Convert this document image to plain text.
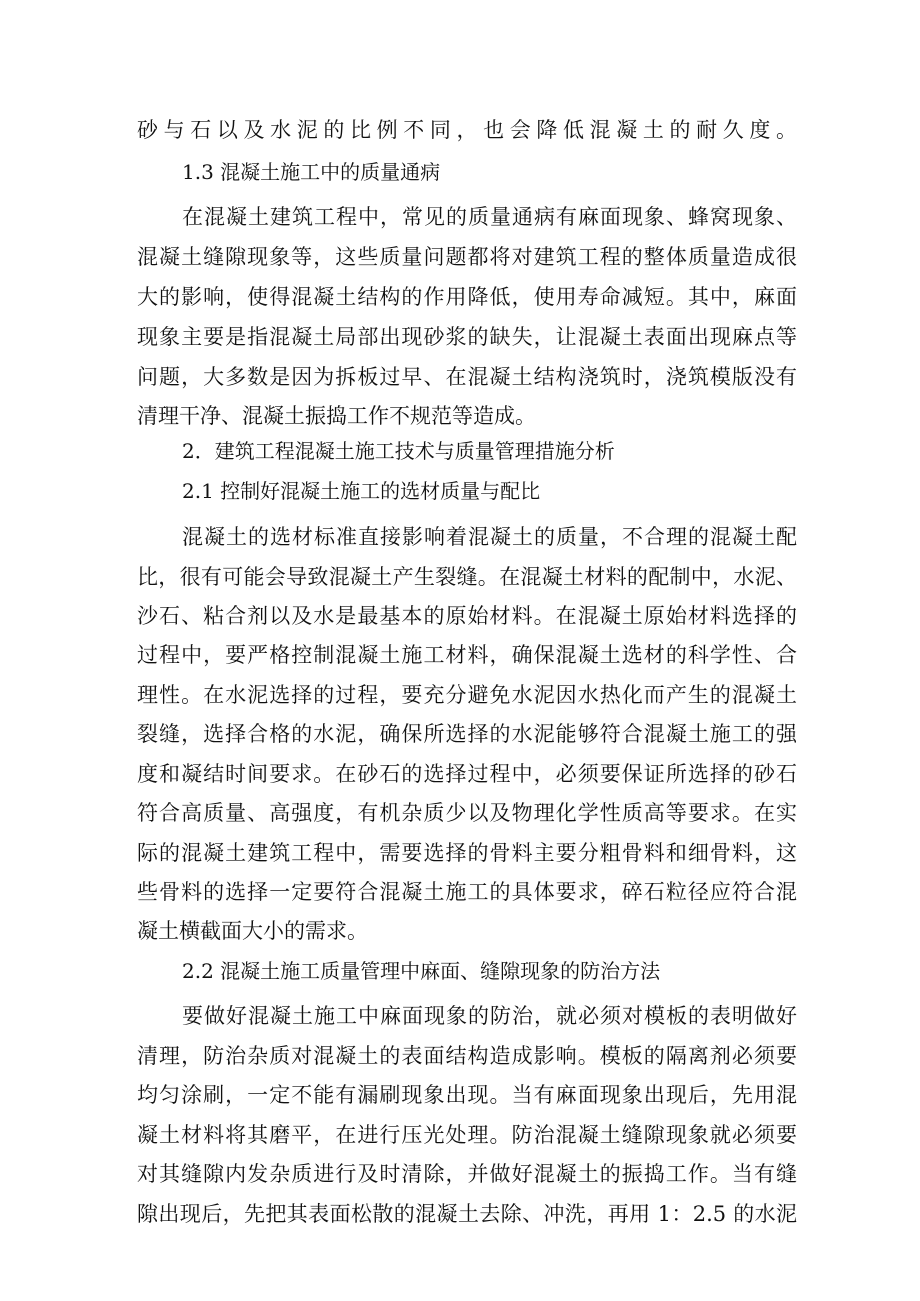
砂与石以及水泥的比例不同，也会降低混凝土的耐久度。
1.3 混凝土施工中的质量通病
在混凝土建筑工程中，常见的质量通病有麻面现象、蜂窝现象、
混凝土缝隙现象等，这些质量问题都将对建筑工程的整体质量造成很
大的影响，使得混凝土结构的作用降低，使用寿命减短。其中，麻面
现象主要是指混凝土局部出现砂浆的缺失，让混凝土表面出现麻点等
问题，大多数是因为拆板过早、在混凝土结构浇筑时，浇筑模版没有
清理干净、混凝土振捣工作不规范等造成。
2．建筑工程混凝土施工技术与质量管理措施分析
2.1 控制好混凝土施工的选材质量与配比
混凝土的选材标准直接影响着混凝土的质量，不合理的混凝土配
比，很有可能会导致混凝土产生裂缝。在混凝土材料的配制中，水泥、
沙石、粘合剂以及水是最基本的原始材料。在混凝土原始材料选择的
过程中，要严格控制混凝土施工材料，确保混凝土选材的科学性、合
理性。在水泥选择的过程，要充分避免水泥因水热化而产生的混凝土
裂缝，选择合格的水泥，确保所选择的水泥能够符合混凝土施工的强
度和凝结时间要求。在砂石的选择过程中，必须要保证所选择的砂石
符合高质量、高强度，有机杂质少以及物理化学性质高等要求。在实
际的混凝土建筑工程中，需要选择的骨料主要分粗骨料和细骨料，这
些骨料的选择一定要符合混凝土施工的具体要求，碎石粒径应符合混
凝土横截面大小的需求。
2.2 混凝土施工质量管理中麻面、缝隙现象的防治方法
要做好混凝土施工中麻面现象的防治，就必须对模板的表明做好
清理，防治杂质对混凝土的表面结构造成影响。模板的隔离剂必须要
均匀涂刷，一定不能有漏刷现象出现。当有麻面现象出现后，先用混
凝土材料将其磨平，在进行压光处理。防治混凝土缝隙现象就必须要
对其缝隙内发杂质进行及时清除，并做好混凝土的振捣工作。当有缝
隙出现后，先把其表面松散的混凝土去除、冲洗，再用 1：2.5 的水泥
